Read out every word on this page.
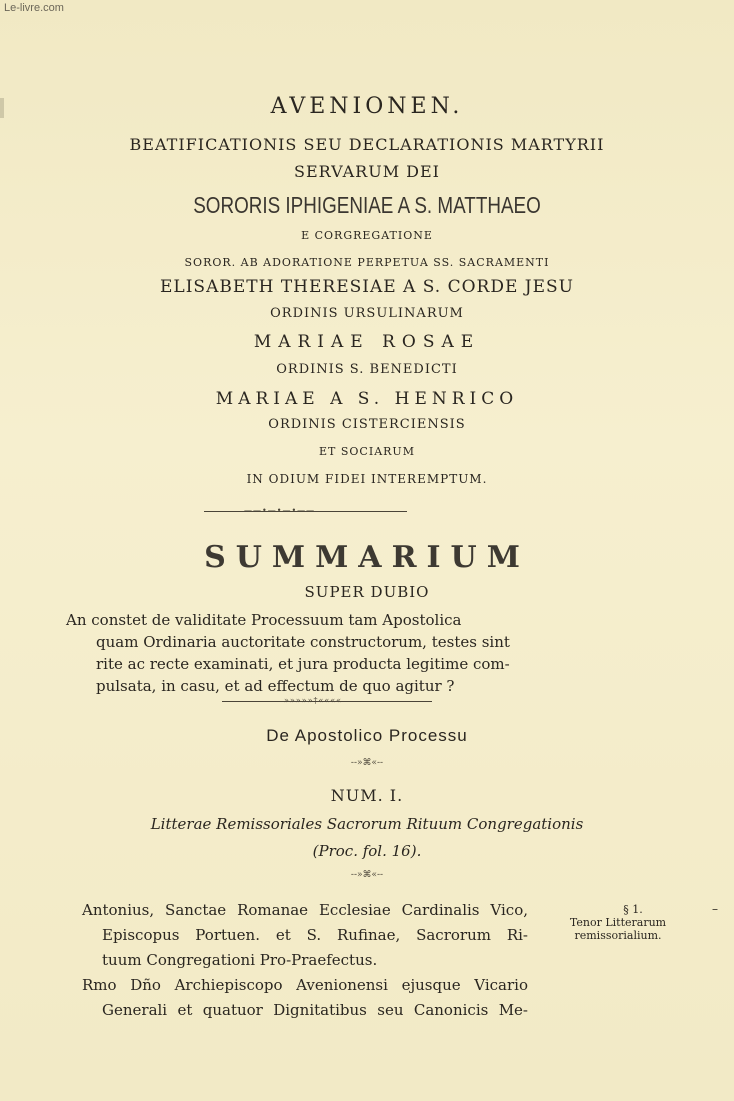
Le-livre.com
AVENIONEN.
BEATIFICATIONIS SEU DECLARATIONIS MARTYRII
SERVARUM DEI
SORORIS IPHIGENIAE A S. MATTHAEO
E CORGREGATIONE
SOROR. AB ADORATIONE PERPETUA SS. SACRAMENTI
ELISABETH THERESIAE A S. CORDE JESU
ORDINIS URSULINARUM
MARIAE ROSAE
ORDINIS S. BENEDICTI
MARIAE A S. HENRICO
ORDINIS CISTERCIENSIS
ET SOCIARUM
IN ODIUM FIDEI INTEREMPTUM.
——•—•—•——
SUMMARIUM
SUPER DUBIO
An constet de validitate Processuum tam Apostolica
quam Ordinaria auctoritate constructorum, testes sint
rite ac recte examinati, et jura producta legitime com-
pulsata, in casu, et ad effectum de quo agitur ?
»»»»»‡««««
De Apostolico Processu
--»⌘«--
NUM. I.
Litterae Remissoriales Sacrorum Rituum Congregationis
(Proc. fol. 16).
--»⌘«--
Antonius, Sanctae Romanae Ecclesiae Cardinalis Vico,
Episcopus Portuen. et S. Rufinae, Sacrorum Ri-
tuum Congregationi Pro-Praefectus.
Rmo Dño Archiepiscopo Avenionensi ejusque Vicario
Generali et quatuor Dignitatibus seu Canonicis Me-
§ 1.
Tenor Litterarum
remissorialium.
–
